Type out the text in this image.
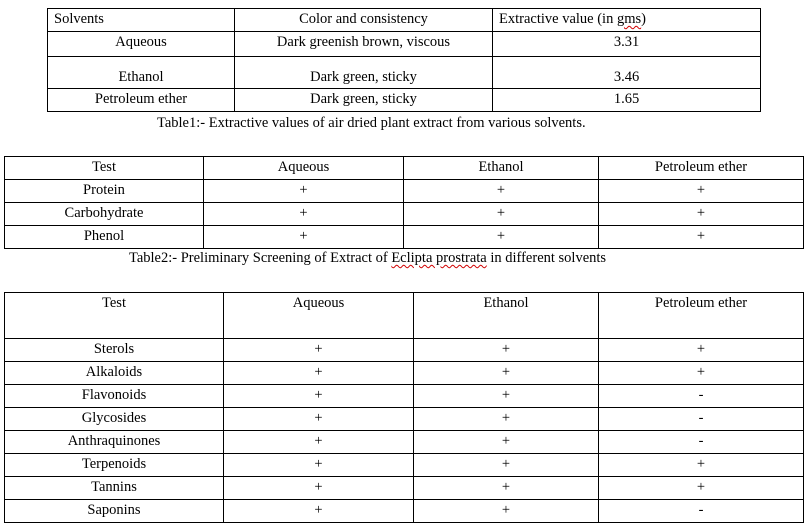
Solvents	Color and consistency	Extractive value (in gms)
Aqueous	Dark greenish brown, viscous	3.31
Ethanol	Dark green, sticky	3.46
Petroleum ether	Dark green, sticky	1.65
Table1:- Extractive values of air dried plant extract from various solvents.
Test	Aqueous	Ethanol	Petroleum ether
Protein	+	+	+
Carbohydrate	+	+	+
Phenol	+	+	+
Table2:- Preliminary Screening of Extract of Eclipta prostrata in different solvents
Test	Aqueous	Ethanol	Petroleum ether
Sterols	+	+	+
Alkaloids	+	+	+
Flavonoids	+	+	-
Glycosides	+	+	-
Anthraquinones	+	+	-
Terpenoids	+	+	+
Tannins	+	+	+
Saponins	+	+	-
